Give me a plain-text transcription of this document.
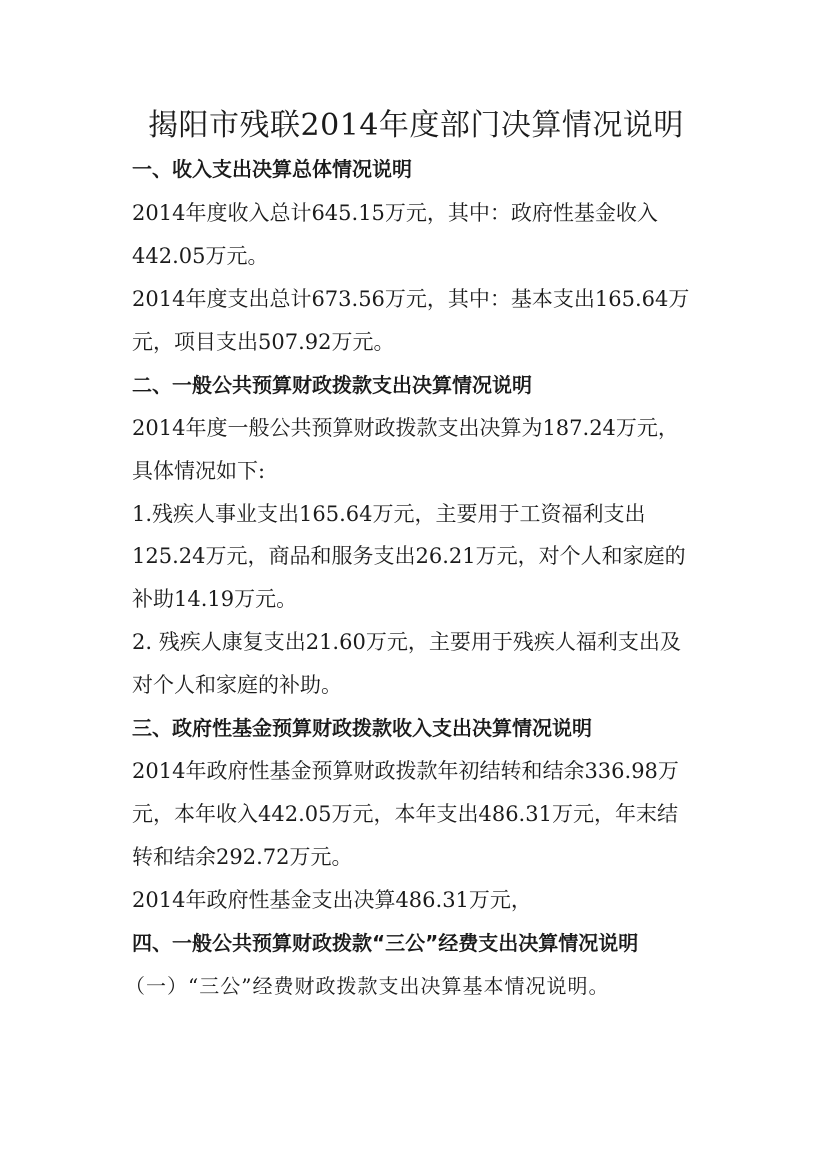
揭阳市残联2014年度部门决算情况说明

一、收入支出决算总体情况说明

2014年度收入总计645.15万元，其中：政府性基金收入

442.05万元。

2014年度支出总计673.56万元，其中：基本支出165.64万

元，项目支出507.92万元。

二、一般公共预算财政拨款支出决算情况说明

2014年度一般公共预算财政拨款支出决算为187.24万元，

具体情况如下:

1.残疾人事业支出165.64万元，主要用于工资福利支出

125.24万元，商品和服务支出26.21万元，对个人和家庭的

补助14.19万元。

2. 残疾人康复支出21.60万元，主要用于残疾人福利支出及

对个人和家庭的补助。

三、政府性基金预算财政拨款收入支出决算情况说明

2014年政府性基金预算财政拨款年初结转和结余336.98万

元，本年收入442.05万元，本年支出486.31万元，年末结

转和结余292.72万元。

2014年政府性基金支出决算486.31万元，

四、一般公共预算财政拨款“三公”经费支出决算情况说明

（一）“三公”经费财政拨款支出决算基本情况说明。
